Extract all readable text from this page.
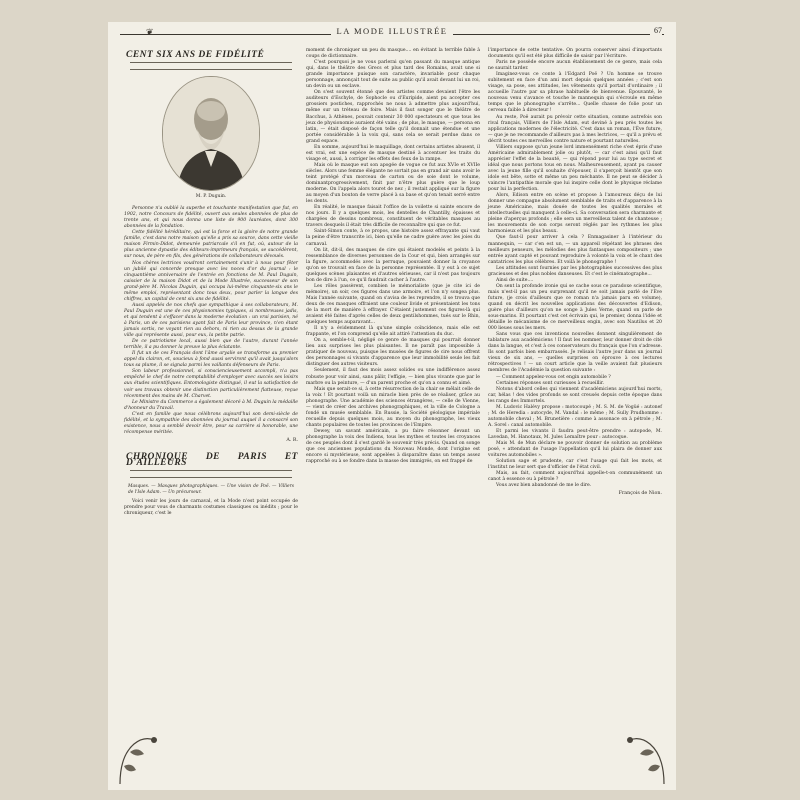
❦	LA MODE ILLUSTRÉE	67
CENT SIX ANS DE FIDÉLITÉ
M. P. Duguin.

Personne n'a oublié la superbe et touchante manifestation que fut, en 1902, notre Concours de fidélité, ouvert aux seules abonnées de plus de trente ans, et qui nous donna une liste de 900 lauréates, dont 300 abonnées de la fondation.

Cette fidélité héréditaire, qui est la force et la gloire de notre grande famille, c'est dans notre maison qu'elle a pris sa source, dans cette vieille maison Firmin-Didot, demeurée patriarcale s'il en fut, où, autour de la plus ancienne dynastie des éditeurs-imprimeurs français, se succédèrent, sur nous, de père en fils, des générations de collaborateurs dévoués.

Nos chères lectrices voudront certainement s'unir à nous pour fêter un jubilé qui concerde presque avec les noces d'or du journal : le cinquantième anniversaire de l'entrée en fonctions de M. Paul Duguin, caissier de la maison Didot et de la Mode Illustrée, successeur de son grand-père M. Nicolas Duguin, qui occupa lui-même cinquante-six ans le même emploi, représentant donc tous deux, pour parler la langue des chiffres, un capital de cent six ans de fidélité.

Aussi appelés de nos chefs que sympathique à ses collaborateurs, M. Paul Duguin est une de ces physionomies typiques, si nombreuses jadis, et qui tendent à s'effacer dans la moderne évolution : un vrai parisien, né à Paris, un de ces parisiens ayant fait de Paris leur province, n'en étant jamais sortis, ne voyant rien au dehors, ni rien au dessus de la grande ville qui représente aussi, pour eux, la petite patrie.

De ce patriotisme local, aussi bien que de l'autre, durant l'année terrible, il a pu donner la preuve la plus éclatante.

Il fut un de ces Français dont l'âme aryalie se transforme au premier appel du clairon, et, soucieux à fond aussi serviront qu'il avait jusqu'alors tous sa plume, il se signala parmi les vaillants défenseurs de Paris.

Son labeur professionnel, si consciencieusement accompli, n'a pas empêché le chef de notre comptabilité d'employer avec succès ses loisirs aux études scientifiques. Entomologiste distingué, il eut la satisfaction de voir ses travaux obtenir une distinction particulièrement flatteuse, reçue récemment des mains de M. Charvet.

Le Ministre du Commerce a également décoré à M. Duguin la médaille d'honneur du Travail.

C'est en famille que nous célébrons aujourd'hui son demi-siècle de fidélité, et la sympathie des abonnées du journal auquel il a consacré son existence, nous a semblé devoir être, pour sa carrière si honorable, une récompense méritée.

A. R.
CHRONIQUE DE PARIS ET D'AILLEURS
Masques. — Masques photographiques. — Une vision de Poë. — Villiers de l'Isle Adam. — Un précurseur.

Voici venir les jours de carnaval, et la Mode n'est point occupée de prendre pour vous de charmants costumes classiques ou inédits ; pour le chroniqueur, c'est le

moment de chroniquer un peu du masque.... en évitant la terrible fable à coups de dictionnaire.

C'est pourquoi je ne vous parlerai qu'en passant du masque antique qui, dans le théâtre des Grecs et plus tard des Romains, avait une si grande importance puisque son caractère, invariable pour chaque personnage, annonçait tout de suite au public qu'il avait devant lui un roi, un devin ou un esclave.

On s'est souvent étonné que des artistes comme devaient l'être les auditeurs d'Eschyle, de Sophocle ou d'Euripide, aient pu accepter ces grossiers postiches, rapprochés ne nous à admettre plus aujourd'hui, même sur un tréteau de foire. Mais il faut songer que le théâtre de Bacchus, à Athènes, pouvait contenir 30 000 spectateurs et que tous les jeux de physionomie auraient été vains ; de plus, le masque, — persona en latin, — était disposé de façon telle qu'il donnait une étendue et une portée considérable à la voix qui, sans cela se serait perdue dans ce grand espace.

En somme, aujourd'hui le maquillage, dont certains artistes abusent, il est vrai, est une espèce de masque destiné à accentuer les traits du visage et, aussi, à corriger les effets des feux de la rampe.

Mais où le masque eut son apogée de vogue ce fut aux XVIe et XVIIe siècles. Alors une femme élégante ne sortait pas en grand air sans avoir le teint protégé d'un morceau de carton ou de soie dont le volume, dominantprogressivement, finit par n'être plus guère que le loup moderne. On l'appela alors touret de nez ; il restait appliqué sur la figure au moyen d'un bouton de verre placé à sa base et qu'on tenait serré entre les dents.

En réalité, le masque faisait l'office de la voilette si sainte encore de nos jours. Il y a quelques mois, les dentelles de Chantilly, épaisses et chargées de dessins nombreux, constituent de véritables masques au travers desquels il était très difficile de reconnaître qui que ce fut.

Saint-Simon conte, à ce propos, une histoire assez effrayante qui vaut la peine d'être transcrite ici, bien qu'elle ne cadre guère avec les joies du carnaval.

On lit, dit-il, des masques de cire qui étaient modelés et peints à la ressemblance de diverses personnes de la Cour et qui, bien arrangés sur la figure, accommodés avec la perruque, pouvaient donner la croyance qu'on se trouvait en face de la personne représentée. Il y eut à ce sujet quelques scènes plaisantes et d'autres sérieuses, car il n'est pas toujours bon de dire à l'un, ce qu'il faudrait cacher à l'autre.

Les rôles passèrent, combien le mémorialiste (que je cite ici de mémoire), un soir, ces figures dans une armoire, et l'on n'y songea plus. Mais l'année suivante, quand on s'avisa de les reprendre, il se trouva que deux de ces masques offraient une couleur livide et présentaient les tons de la mort de manière à effrayer. C'étaient justement ces figures-là qui avaient été faites d'après celles de deux gentilshommes, tués sur le Rhin, quelques temps auparavant...

Il n'y a évidemment là qu'une simple coïncidence, mais elle est frappante, et l'on comprend qu'elle ait attiré l'attention du duc.

On a, semble-t-il, négligé ce genre de masques qui pourrait donner lieu aux surprises les plus plaisantes. Il ne paraît pas impossible à pratiquer de nouveau, puisque les musées de figures de cire nous offrent des personnages si vivants d'apparence que leur immobilité seule les fait distinguer des autres visiteurs.

Seulement, il faut des mois assez solides ou une indifférence assez robuste pour voir ainsi, sans pâlir, l'effigie, — bien plus vivante que par le marbre ou la peinture, — d'un parent proche et qu'on a connu et aimé.

Mais que serait-ce si, à cette résurrection de la chair se mêlait celle de la voix ! Et pourtant voilà un miracle bien près de se réaliser, grâce au phonographe. Une académie des sciences étrangères, — celle de Vienne, — vient de créer des archives phonographiques, et la ville de Cologne a fondé un musée semblable. En Russie, la Société géologique impériale recueille depuis quelques mois, au moyen du phonographe, les vieux chants populaires de toutes les provinces de l'Empire.

Dewey, un savant américain, a pu faire résonner devant un phonographe la voix des Indiens, tous les mythes et toutes les croyances de ces peuples dont il s'est gardé le souvenir très précis. Quand on songe que ces anciennes populations du Nouveau Monde, dont l'origine est encore si mystérieuse, sont appelées à disparaître dans un temps assez rapproché ou à se fondre dans la masse des immigrés, on est frappé de

l'importance de cette tentative. On pourra conserver ainsi d'importants documents qu'il est été plus difficile de saisir par l'écriture.

Paris ne possède encore aucun établissement de ce genre, mais cela ne saurait tarder.

Imaginez-vous ce conte à l'Edgard Poë ? Un homme se trouve subitement en face d'un ami mort depuis quelques années ; c'est son visage, sa pose, ses attitudes, les vêtements qu'il portait d'ordinaire ; il accueille l'autre par sa phrase habituelle de bienvenue. Épouvanté, le nouveau venu s'avance et touche le mannequin qui s'écroule en même temps que le phonographe s'arrête... Quelle chasse de folie pour un cerveau faible à directeur !

Au reste, Poë aurait pu prévoir cette situation, comme autrefois son rival français, Villiers de l'Isle Adam, eut deviné à peu près toutes les applications modernes de l'électricité. C'est dans un roman, l'Ève future, — que je ne recommande d'ailleurs pas à mes lectrices, — qu'il a prévu et décrit toutes ces merveilles contre nature et pourtant naturelles.

Villiers suppose qu'un jeune lord immensément riche s'est épris d'une Américaine admirablement jolie ou plutôt, — car c'est ainsi qu'il faut apprécier l'effet de la beauté, — qui répond pour lui au type secret et idéal que nous portons tous en nous. Malheureusement, ayant pu causer avec la jeune fille qu'il souhaite d'épouser, il s'aperçoit bientôt que son idole est bête, sotte et même un peu méchante. Il ne peut se décider à vaincre l'antipathie morale que lui inspire celle dont le physique réclame pour lui la perfection.

Alors, Edison entre en scène et propose à l'amoureux déçu de lui donner une compagne absolument semblable de traits et d'apparence à la jeune Américaine, mais douée de toutes les qualités morales et intellectuelles qui manquent à celle-ci. Sa conversation sera charmante et pleine d'aperçus profonds ; elle sera un merveilleux talent de chanteuse ; les mouvements de son corps seront réglés par les rythmes les plus harmonieux et les plus beaux.

Que faut-il pour arriver à cela ? Enmagasiner à l'intérieur du mannequin, — car c'en est un, — un appareil répétant les phrases des meilleurs penseurs, les mélodies des plus fantasques compositeurs ; une entrée ayant capté et pouvant reproduire à volonté la voix et le chant des cantatrices les plus célèbres. Et voilà le phonographe !

Les attitudes sont fournies par les photographies successives des plus gracieuses et des plus nobles danseuses. Et c'est le cinématographe...

Ainsi de suite....

On sent la profonde ironie qui se cache sous ce paradoxe scientifique, mais n'est-il pas un peu surprenant qu'il ne soit jamais parlé de l'Ève future, (je crois d'ailleurs que ce roman n'a jamais paru en volume), quand on décrit les nouvelles applications des découvertes d'Edison, guère plus d'ailleurs qu'on ne songe à Jules Verne, quand on parle de sous-marins. Et pourtant c'est cet écrivain qui, le premier, donna l'idée et détaille le mécanisme de ce merveilleux engin, avec son Nautilus et 20 000 lieues sous les mers.

Sans vous que ces inventions nouvelles donnent singulièrement de tablature aux académiciens ! Il faut les nommer, leur donner droit de cité dans la langue, et c'est à ces conservateurs du français que l'on s'adresse. Ils sont parfois bien embarrassés. Je relisais l'autre jour dans un journal vieux de six ans, — quelles surprises on éprouve à ces lectures rétrospectives ! — un court article que la veille avaient fait plusieurs membres de l'Académie la question suivante :

— Comment appelez-vous cet engin automobile ?

Certaines réponses sont curieuses à recueillir.

Notons d'abord celles qui viennent d'académiciens aujourd'hui morts, car, hélas ! des vides profonds se sont creusés depuis cette époque dans les rangs des Immortels.

M. Ludovic Halévy propose : motocoupé ; M. S. M. de Vogüé : autonef ; M. de Heredia : autocyde, M. Vandal : le même ; M. Sully Prudhomme : automobile cheval ; M. Brunetière : comme à assonace on à pétrole ; M. A. Sorel : canal automobile.

Et parmi les vivants il faudra peut-être prendre : autopode, M. Lavedan, M. Hanotaux, M. Jules Lemaître pour : autocoque.

Mais M. de Mun déclare ne pouvoir donner de solution au problème posé, « attendant de l'usage l'appellation qu'il lui plaira de donner aux voitures automobiles ».

Solution sage et prudente, car c'est l'usage qui fait les mots, et l'institut ne leur sert que d'officier de l'état civil.

Mais, au fait, comment aujourd'hui appelle-t-on communément un canot à essence ou à pétrole ?

Vous avez bien abandonné de me le dire.

François de Nion.
